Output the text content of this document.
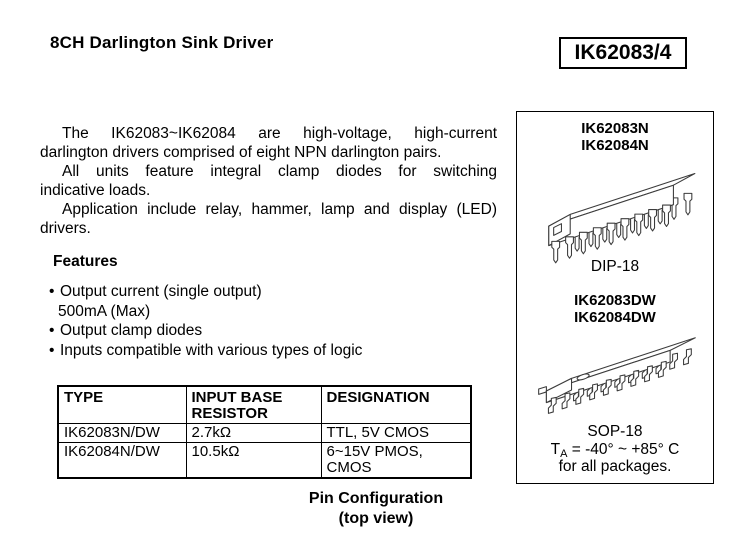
8CH Darlington Sink Driver	IK62083/4
The IK62083~IK62084 are high-voltage, high-current
darlington drivers comprised of eight NPN darlington pairs.
All units feature integral clamp diodes for switching
indicative loads.
Application include relay, hammer, lamp and display (LED)
drivers.
Features
• Output current (single output)
500mA (Max)
• Output clamp diodes
• Inputs compatible with various types of logic
TYPE	INPUT BASE RESISTOR	DESIGNATION
IK62083N/DW	2.7kΩ	TTL, 5V CMOS
IK62084N/DW	10.5kΩ	6~15V PMOS, CMOS
IK62083N
IK62084N
DIP-18
IK62083DW
IK62084DW
SOP-18
$T_A = -40^\circ$ ~ +85° C
for all packages.
Pin Configuration
(top view)
